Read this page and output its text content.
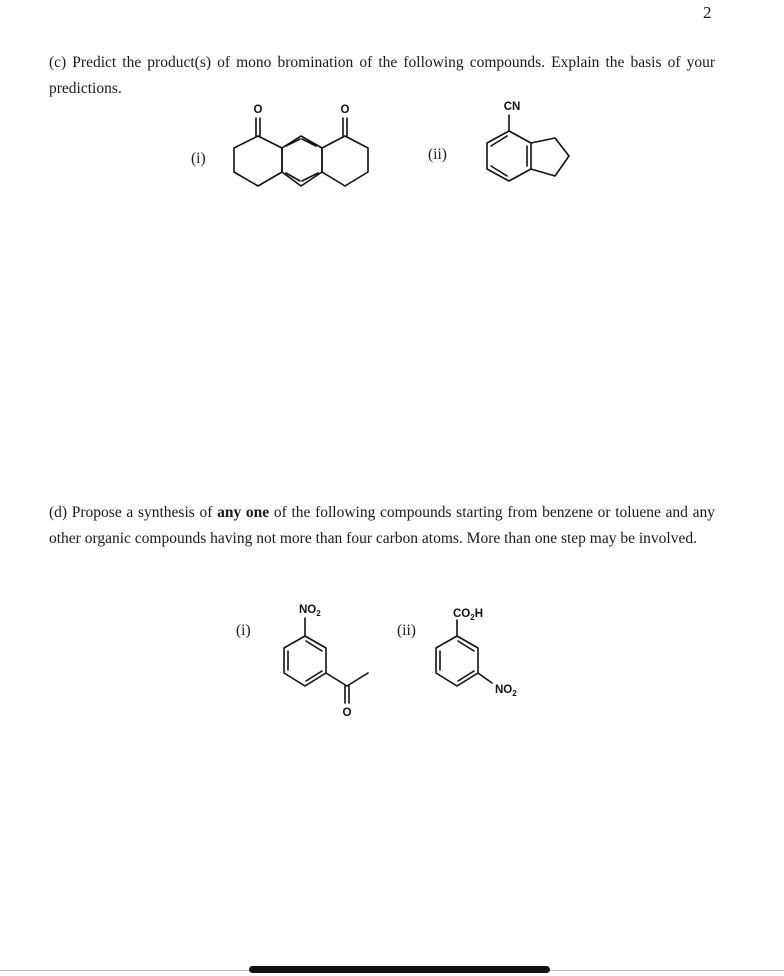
2
(c) Predict the product(s) of mono bromination of the following compounds. Explain the basis of your predictions.
(i)	(ii)
(d) Propose a synthesis of any one of the following compounds starting from benzene or toluene and any other organic compounds having not more than four carbon atoms. More than one step may be involved.
(i)	(ii)
O	O	CN
$NO_2$
O
$CO_2H$
$NO_2$
